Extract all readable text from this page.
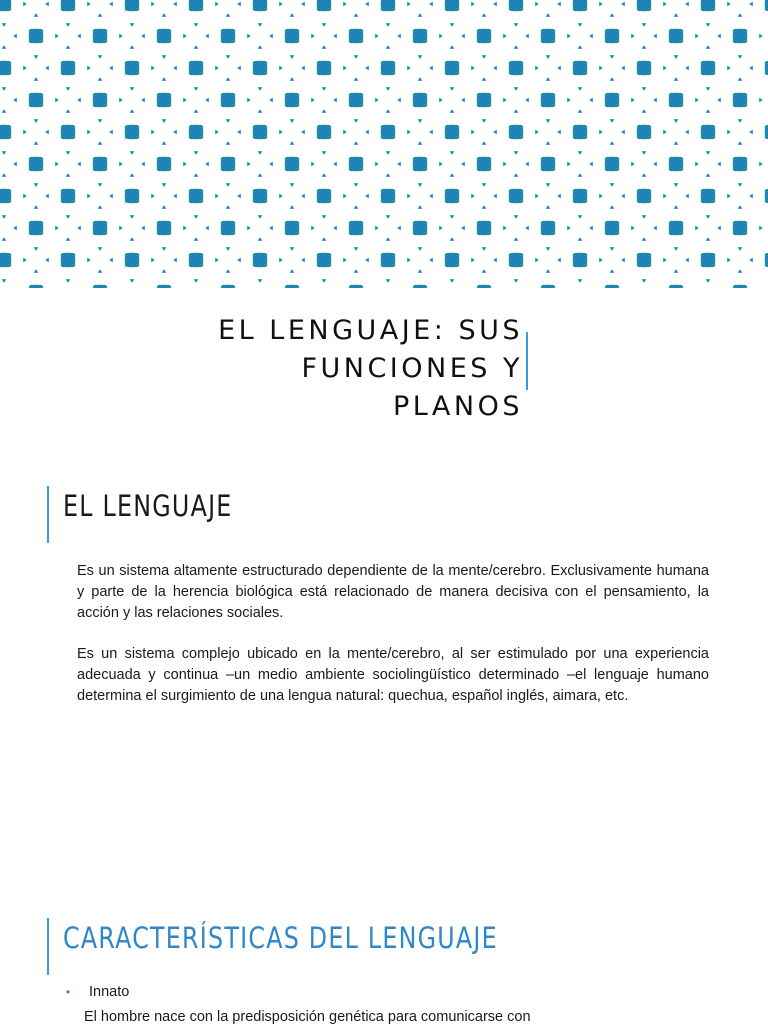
EL LENGUAJE: SUS FUNCIONES Y

PLANOS

EL LENGUAJE

Es un sistema altamente estructurado dependiente de la mente/cerebro. Exclusivamente humana y parte de la herencia biológica está relacionado de manera decisiva con el pensamiento, la acción y las relaciones sociales.

Es un sistema complejo ubicado en la mente/cerebro, al ser estimulado por una experiencia adecuada y continua –un medio ambiente sociolingüístico determinado –el lenguaje humano determina el surgimiento de una lengua natural: quechua, español inglés, aimara, etc.

CARACTERÍSTICAS DEL LENGUAJE
• Innato
El hombre nace con la predisposición genética para comunicarse con
